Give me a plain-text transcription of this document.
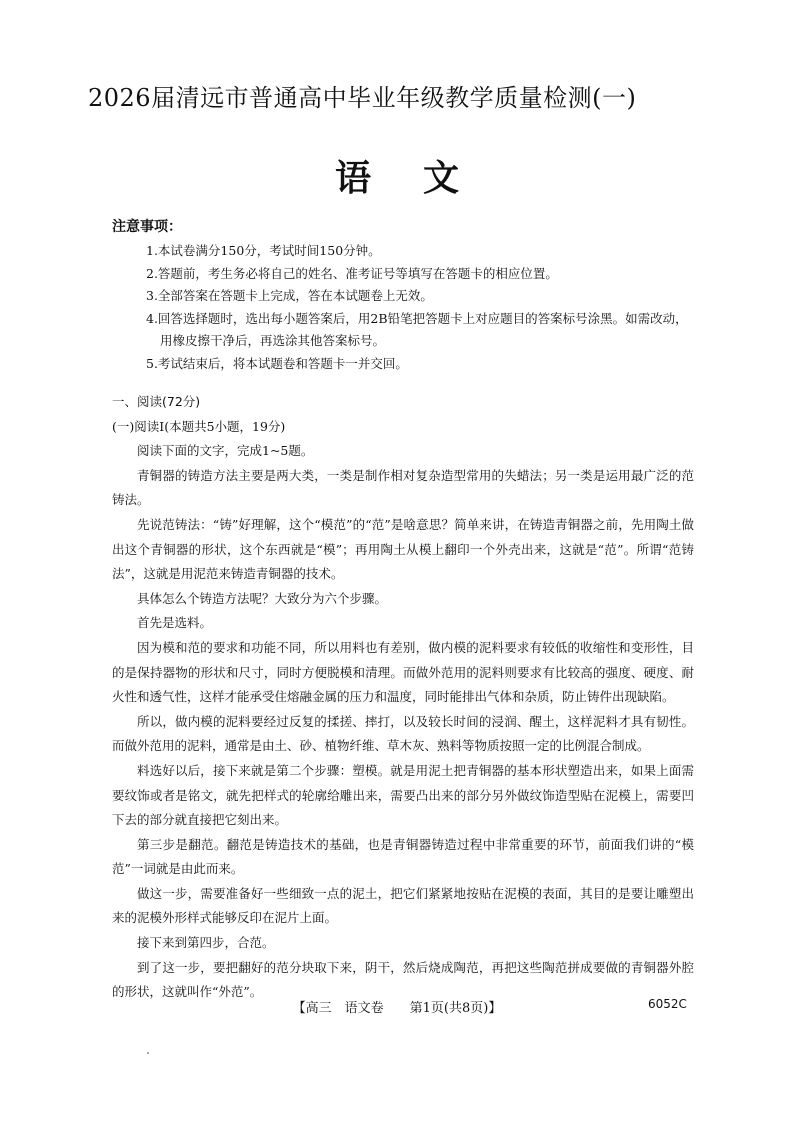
2026届清远市普通高中毕业年级教学质量检测(一)
语文
注意事项：

1.本试卷满分150分，考试时间150分钟。

2.答题前，考生务必将自己的姓名、准考证号等填写在答题卡的相应位置。

3.全部答案在答题卡上完成，答在本试题卷上无效。

4.回答选择题时，选出每小题答案后，用2B铅笔把答题卡上对应题目的答案标号涂黑。如需改动，用橡皮擦干净后，再选涂其他答案标号。

5.考试结束后，将本试题卷和答题卡一并交回。

一、阅读(72分)

(一)阅读Ⅰ(本题共5小题，19分)

阅读下面的文字，完成1~5题。

青铜器的铸造方法主要是两大类，一类是制作相对复杂造型常用的失蜡法；另一类是运用最广泛的范铸法。

先说范铸法：“铸”好理解，这个“模范”的“范”是啥意思？简单来讲，在铸造青铜器之前，先用陶土做出这个青铜器的形状，这个东西就是“模”；再用陶土从模上翻印一个外壳出来，这就是“范”。所谓“范铸法”，这就是用泥范来铸造青铜器的技术。

具体怎么个铸造方法呢？大致分为六个步骤。

首先是选料。

因为模和范的要求和功能不同，所以用料也有差别，做内模的泥料要求有较低的收缩性和变形性，目的是保持器物的形状和尺寸，同时方便脱模和清理。而做外范用的泥料则要求有比较高的强度、硬度、耐火性和透气性，这样才能承受住熔融金属的压力和温度，同时能排出气体和杂质，防止铸件出现缺陷。

所以，做内模的泥料要经过反复的揉搓、摔打，以及较长时间的浸润、醒土，这样泥料才具有韧性。而做外范用的泥料，通常是由土、砂、植物纤维、草木灰、熟料等物质按照一定的比例混合制成。

料选好以后，接下来就是第二个步骤：塑模。就是用泥土把青铜器的基本形状塑造出来，如果上面需要纹饰或者是铭文，就先把样式的轮廓给雕出来，需要凸出来的部分另外做纹饰造型贴在泥模上，需要凹下去的部分就直接把它刻出来。

第三步是翻范。翻范是铸造技术的基础，也是青铜器铸造过程中非常重要的环节，前面我们讲的“模范”一词就是由此而来。

做这一步，需要准备好一些细致一点的泥土，把它们紧紧地按贴在泥模的表面，其目的是要让雕塑出来的泥模外形样式能够反印在泥片上面。

接下来到第四步，合范。

到了这一步，要把翻好的范分块取下来，阴干，然后烧成陶范，再把这些陶范拼成要做的青铜器外腔的形状，这就叫作“外范”。

【高三　语文卷　　第1页(共8页)】	6052C
